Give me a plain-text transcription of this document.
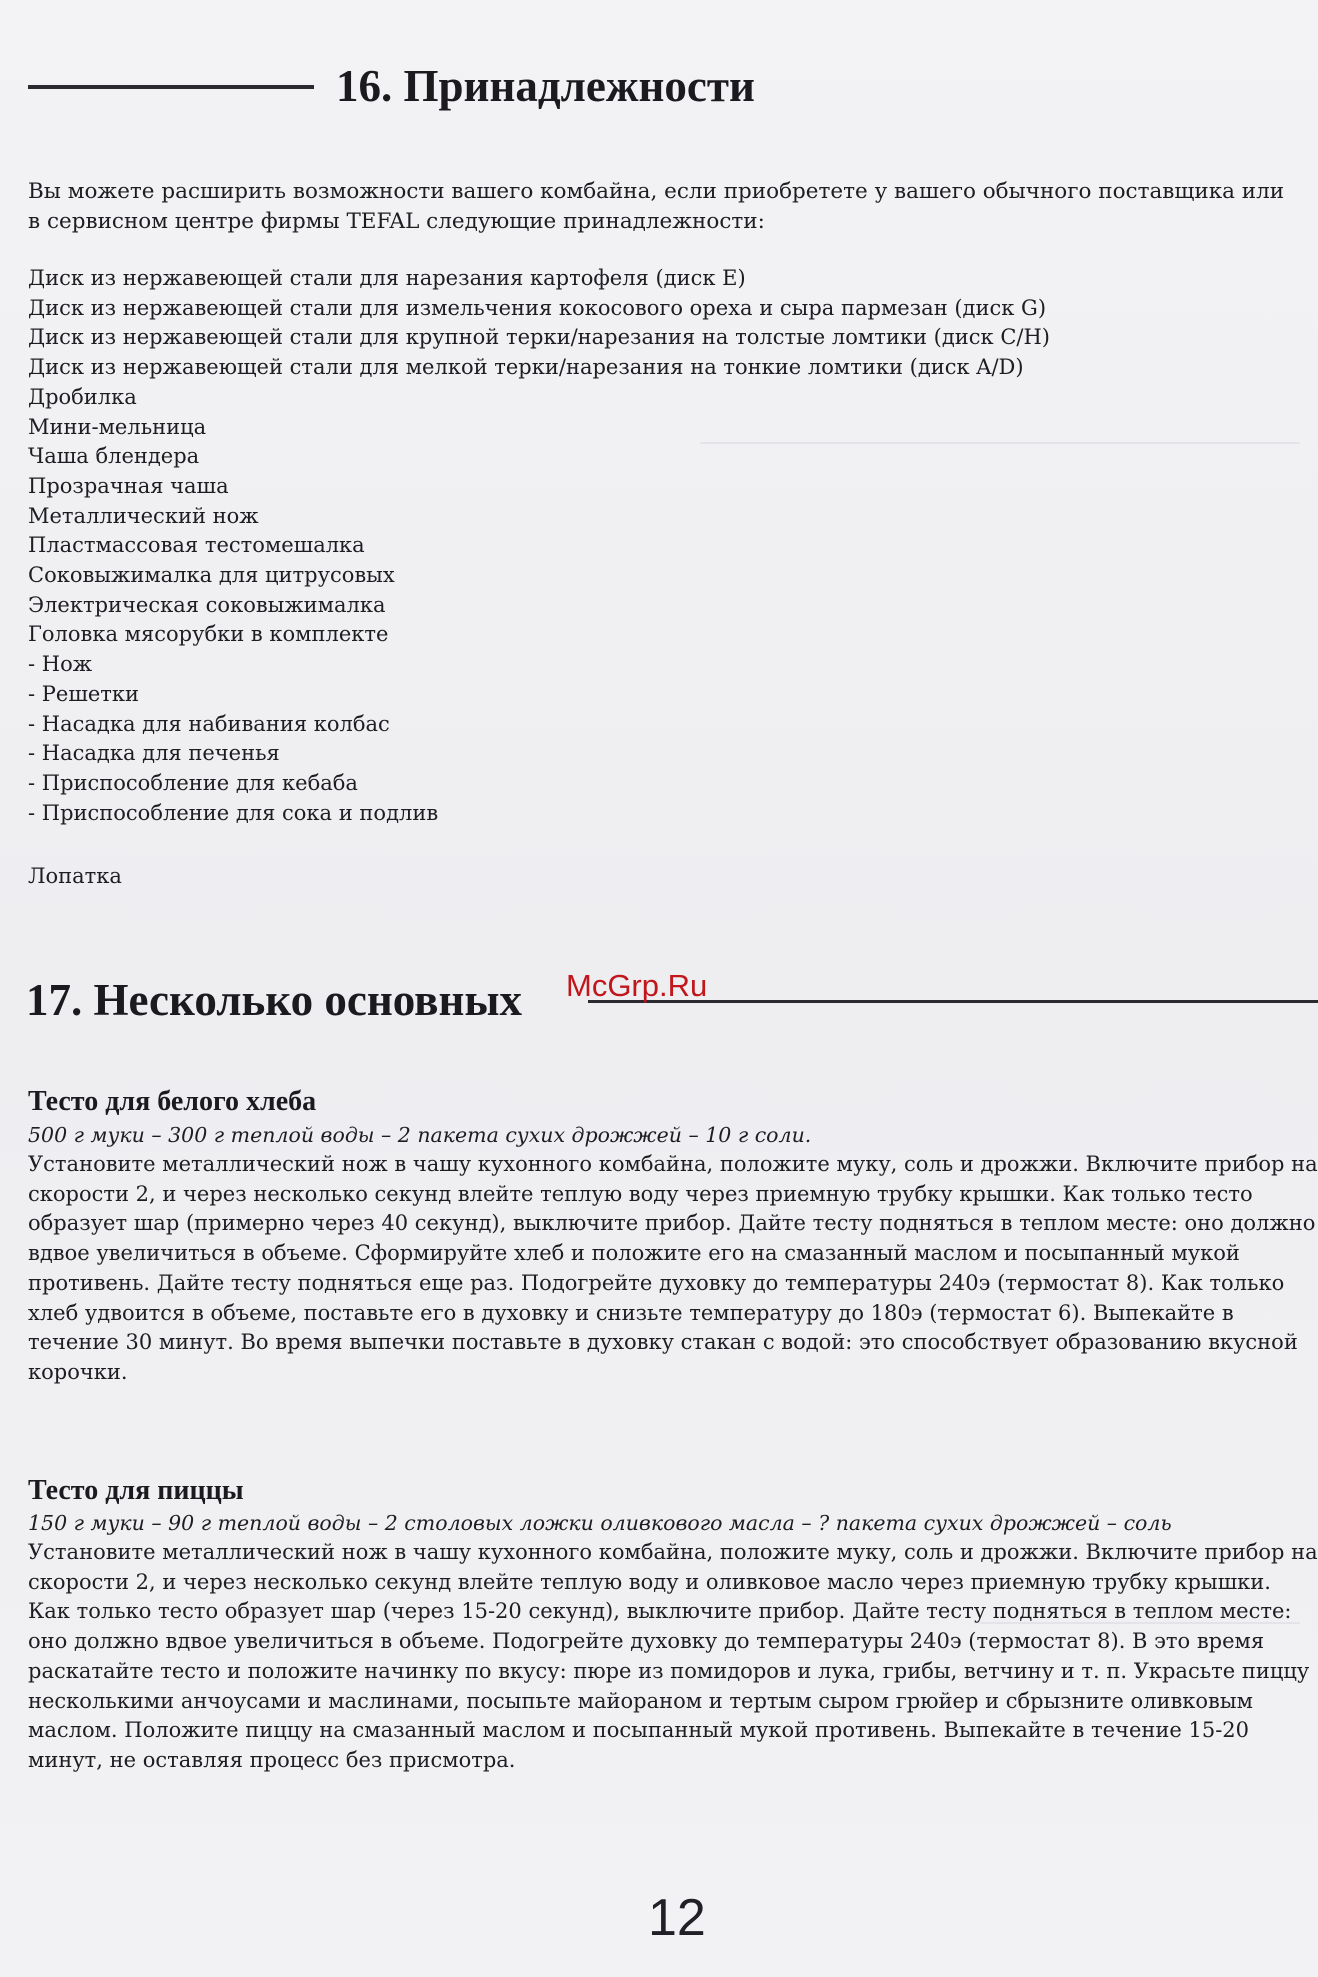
16. Принадлежности
Вы можете расширить возможности вашего комбайна, если приобретете у вашего обычного поставщика или в сервисном центре фирмы TEFAL следующие принадлежности:
Диск из нержавеющей стали для нарезания картофеля (диск E)
Диск из нержавеющей стали для измельчения кокосового ореха и сыра пармезан (диск G)
Диск из нержавеющей стали для крупной терки/нарезания на толстые ломтики (диск C/H)
Диск из нержавеющей стали для мелкой терки/нарезания на тонкие ломтики (диск A/D)
Дробилка
Мини-мельница
Чаша блендера
Прозрачная чаша
Металлический нож
Пластмассовая тестомешалка
Соковыжималка для цитрусовых
Электрическая соковыжималка
Головка мясорубки в комплекте
- Нож
- Решетки
- Насадка для набивания колбас
- Насадка для печенья
- Приспособление для кебаба
- Приспособление для сока и подлив
Лопатка
17. Несколько основных McGrp.Ru
Тесто для белого хлеба
500 г муки – 300 г теплой воды – 2 пакета сухих дрожжей – 10 г соли.
Установите металлический нож в чашу кухонного комбайна, положите муку, соль и дрожжи. Включите прибор на скорости 2, и через несколько секунд влейте теплую воду через приемную трубку крышки. Как только тесто образует шар (примерно через 40 секунд), выключите прибор. Дайте тесту подняться в теплом месте: оно должно вдвое увеличиться в объеме. Сформируйте хлеб и положите его на смазанный маслом и посыпанный мукой противень. Дайте тесту подняться еще раз. Подогрейте духовку до температуры 240э (термостат 8). Как только хлеб удвоится в объеме, поставьте его в духовку и снизьте температуру до 180э (термостат 6). Выпекайте в течение 30 минут. Во время выпечки поставьте в духовку стакан с водой: это способствует образованию вкусной корочки.
Тесто для пиццы
150 г муки – 90 г теплой воды – 2 столовых ложки оливкового масла – ? пакета сухих дрожжей – соль
Установите металлический нож в чашу кухонного комбайна, положите муку, соль и дрожжи. Включите прибор на скорости 2, и через несколько секунд влейте теплую воду и оливковое масло через приемную трубку крышки. Как только тесто образует шар (через 15-20 секунд), выключите прибор. Дайте тесту подняться в теплом месте: оно должно вдвое увеличиться в объеме. Подогрейте духовку до температуры 240э (термостат 8). В это время раскатайте тесто и положите начинку по вкусу: пюре из помидоров и лука, грибы, ветчину и т. п. Украсьте пиццу несколькими анчоусами и маслинами, посыпьте майораном и тертым сыром грюйер и сбрызните оливковым маслом. Положите пиццу на смазанный маслом и посыпанный мукой противень. Выпекайте в течение 15-20 минут, не оставляя процесс без присмотра.
12
